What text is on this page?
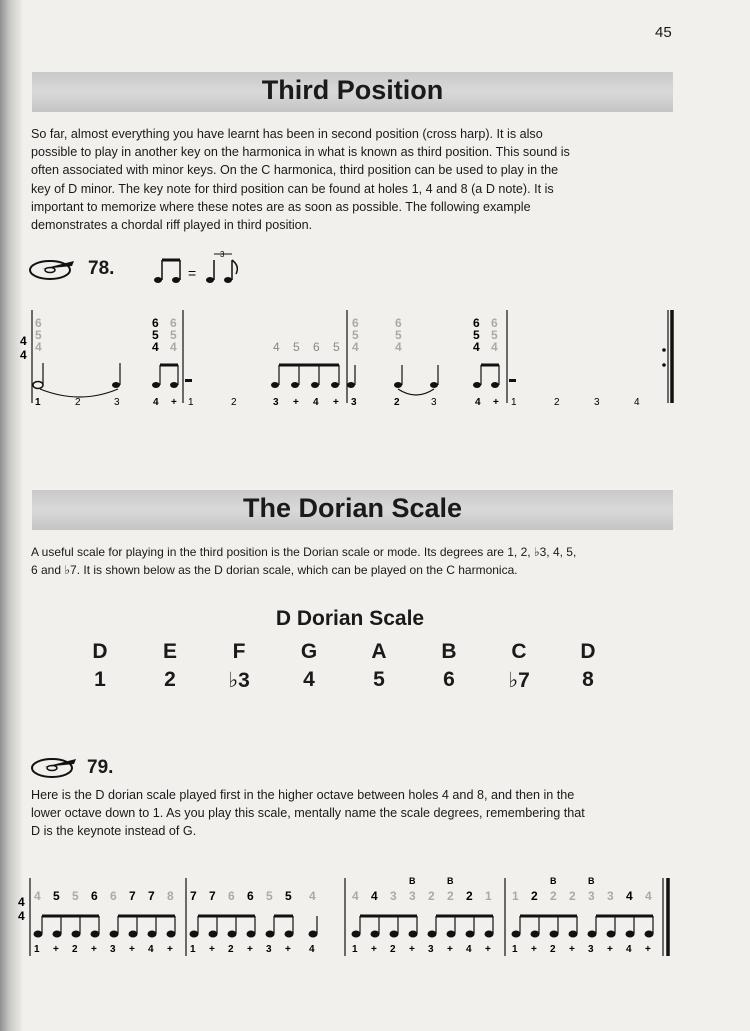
45
Third Position

So far, almost everything you have learnt has been in second position (cross harp). It is also

possible to play in another key on the harmonica in what is known as third position. This sound is

often associated with minor keys. On the C harmonica, third position can be used to play in the

key of D minor. The key note for third position can be found at holes 1, 4 and 8 (a D note). It is

important to memorize where these notes are as soon as possible. The following example

demonstrates a chordal riff played in third position.

78.	=
3
4
4
6
5
4
6
5
4
6
5
4
6
5
4
6
5
4
6
5
4
6
5
4
4 5 6 5
1	2	3	4 + 1	2	3 + 4 + 3	2	3	4 + 1	2	3	4
The Dorian Scale

A useful scale for playing in the third position is the Dorian scale or mode. Its degrees are 1, 2, ♭3, 4, 5,

6 and ♭7. It is shown below as the D dorian scale, which can be played on the C harmonica.

D Dorian Scale
D	E	F	G	A	B	C	D
1	2	♭3	4	5	6	♭7	8
79.

Here is the D dorian scale played first in the higher octave between holes 4 and 8, and then in the

lower octave down to 1. As you play this scale, mentally name the scale degrees, remembering that

D is the keynote instead of G.

4
4
4 5 5 6 6 7 7 8 7 7 6 6 5 5 4	4 4 3 3 2 2 2 1 1 2 2 2 3 3 4 4
B	B	B	B
1 + 2 + 3 + 4 + 1 + 2 + 3 + 4	1 + 2 + 3 + 4 + 1 + 2 + 3 + 4 +
